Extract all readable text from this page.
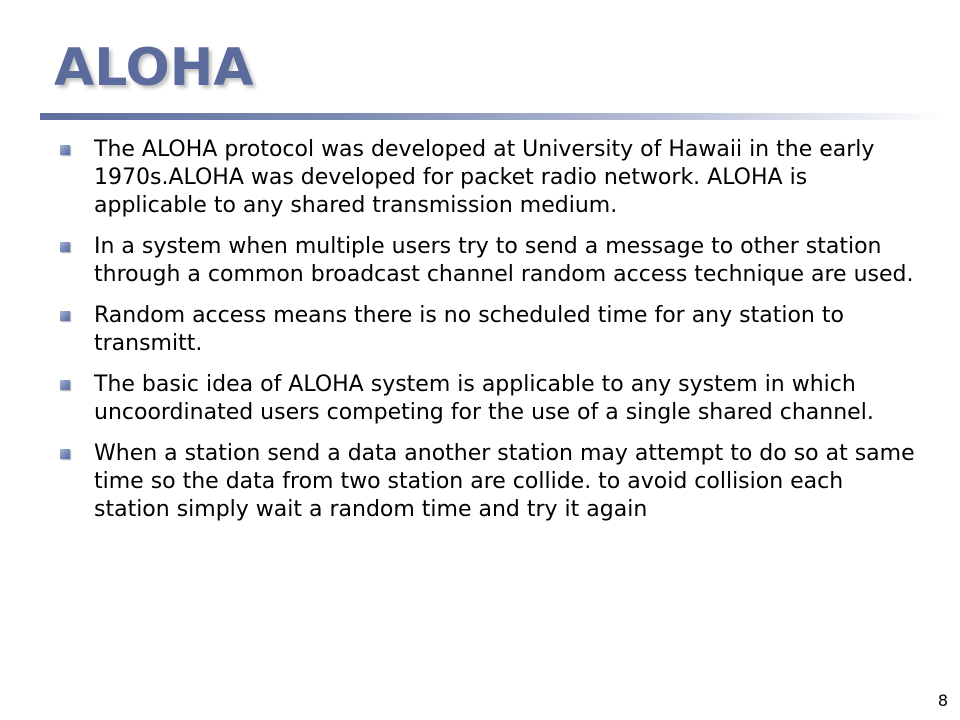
ALOHA
The ALOHA protocol was developed at University of Hawaii in the early 1970s.ALOHA was developed for packet radio network. ALOHA is applicable to any shared transmission medium.
In a system when multiple users try to send a message to other station through a common broadcast channel random access technique are used.
Random access means there is no scheduled time for any station to transmitt.
The basic idea of ALOHA system is applicable to any system in which uncoordinated users competing for the use of a single shared channel.
When a station send a data another station may attempt to do so at same time so the data from two station are collide. to avoid collision each station simply wait a random time and try it again
8
